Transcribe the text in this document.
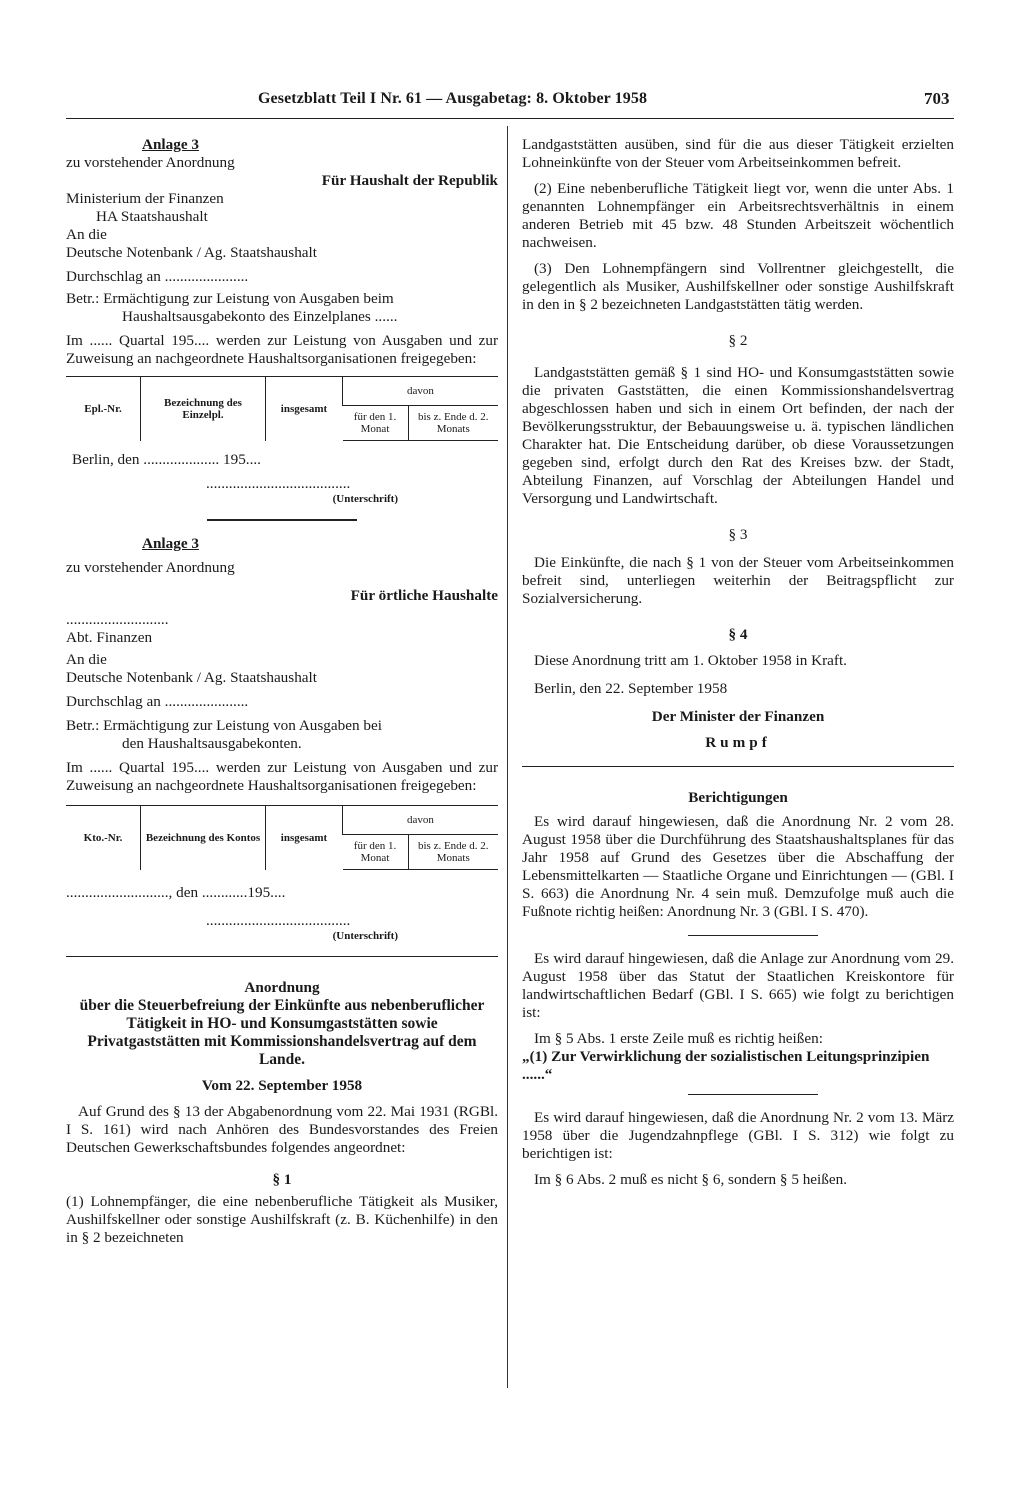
Gesetzblatt Teil I Nr. 61 — Ausgabetag: 8. Oktober 1958	703

Anlage 3

zu vorstehender Anordnung

Für Haushalt der Republik

Ministerium der Finanzen

HA Staatshaushalt

An die

Deutsche Notenbank / Ag. Staatshaushalt

Durchschlag an ......................

Betr.: Ermächtigung zur Leistung von Ausgaben beim

Haushaltsausgabekonto des Einzelplanes ......

Im ...... Quartal 195.... werden zur Leistung von Ausgaben und zur Zuweisung an nachgeordnete Haushaltsorganisationen freigegeben:

Epl.-Nr.	Bezeichnung des Einzelpl.	insgesamt	davon	
			für den 1. Monat	bis z. Ende d. 2. Monats

Berlin, den .................... 195....

......................................

(Unterschrift)

Anlage 3

zu vorstehender Anordnung

Für örtliche Haushalte

...........................

Abt. Finanzen

An die

Deutsche Notenbank / Ag. Staatshaushalt

Durchschlag an ......................

Betr.: Ermächtigung zur Leistung von Ausgaben bei

den Haushaltsausgabekonten.

Im ...... Quartal 195.... werden zur Leistung von Ausgaben und zur Zuweisung an nachgeordnete Haushaltsorganisationen freigegeben:

Kto.-Nr.	Bezeichnung des Kontos	insgesamt	davon	
			für den 1. Monat	bis z. Ende d. 2. Monats

..........................., den ............195....

......................................

(Unterschrift)

Anordnung

über die Steuerbefreiung der Einkünfte aus nebenberuflicher Tätigkeit in HO- und Konsumgaststätten sowie Privatgaststätten mit Kommissionshandelsvertrag auf dem Lande.

Vom 22. September 1958

Auf Grund des § 13 der Abgabenordnung vom 22. Mai 1931 (RGBl. I S. 161) wird nach Anhören des Bundesvorstandes des Freien Deutschen Gewerkschaftsbundes folgendes angeordnet:

§ 1

(1) Lohnempfänger, die eine nebenberufliche Tätigkeit als Musiker, Aushilfskellner oder sonstige Aushilfskraft (z. B. Küchenhilfe) in den in § 2 bezeichneten

Landgaststätten ausüben, sind für die aus dieser Tätigkeit erzielten Lohneinkünfte von der Steuer vom Arbeitseinkommen befreit.

(2) Eine nebenberufliche Tätigkeit liegt vor, wenn die unter Abs. 1 genannten Lohnempfänger ein Arbeitsrechtsverhältnis in einem anderen Betrieb mit 45 bzw. 48 Stunden Arbeitszeit wöchentlich nachweisen.

(3) Den Lohnempfängern sind Vollrentner gleichgestellt, die gelegentlich als Musiker, Aushilfskellner oder sonstige Aushilfskraft in den in § 2 bezeichneten Landgaststätten tätig werden.

§ 2

Landgaststätten gemäß § 1 sind HO- und Konsumgaststätten sowie die privaten Gaststätten, die einen Kommissionshandelsvertrag abgeschlossen haben und sich in einem Ort befinden, der nach der Bevölkerungsstruktur, der Bebauungsweise u. ä. typischen ländlichen Charakter hat. Die Entscheidung darüber, ob diese Voraussetzungen gegeben sind, erfolgt durch den Rat des Kreises bzw. der Stadt, Abteilung Finanzen, auf Vorschlag der Abteilungen Handel und Versorgung und Landwirtschaft.

§ 3

Die Einkünfte, die nach § 1 von der Steuer vom Arbeitseinkommen befreit sind, unterliegen weiterhin der Beitragspflicht zur Sozialversicherung.

§ 4

Diese Anordnung tritt am 1. Oktober 1958 in Kraft.

Berlin, den 22. September 1958

Der Minister der Finanzen

Rumpf

Berichtigungen

Es wird darauf hingewiesen, daß die Anordnung Nr. 2 vom 28. August 1958 über die Durchführung des Staatshaushaltsplanes für das Jahr 1958 auf Grund des Gesetzes über die Abschaffung der Lebensmittelkarten — Staatliche Organe und Einrichtungen — (GBl. I S. 663) die Anordnung Nr. 4 sein muß. Demzufolge muß auch die Fußnote richtig heißen: Anordnung Nr. 3 (GBl. I S. 470).

Es wird darauf hingewiesen, daß die Anlage zur Anordnung vom 29. August 1958 über das Statut der Staatlichen Kreiskontore für landwirtschaftlichen Bedarf (GBl. I S. 665) wie folgt zu berichtigen ist:

Im § 5 Abs. 1 erste Zeile muß es richtig heißen:

„(1) Zur Verwirklichung der sozialistischen Leitungsprinzipien ......“

Es wird darauf hingewiesen, daß die Anordnung Nr. 2 vom 13. März 1958 über die Jugendzahnpflege (GBl. I S. 312) wie folgt zu berichtigen ist:

Im § 6 Abs. 2 muß es nicht § 6, sondern § 5 heißen.
